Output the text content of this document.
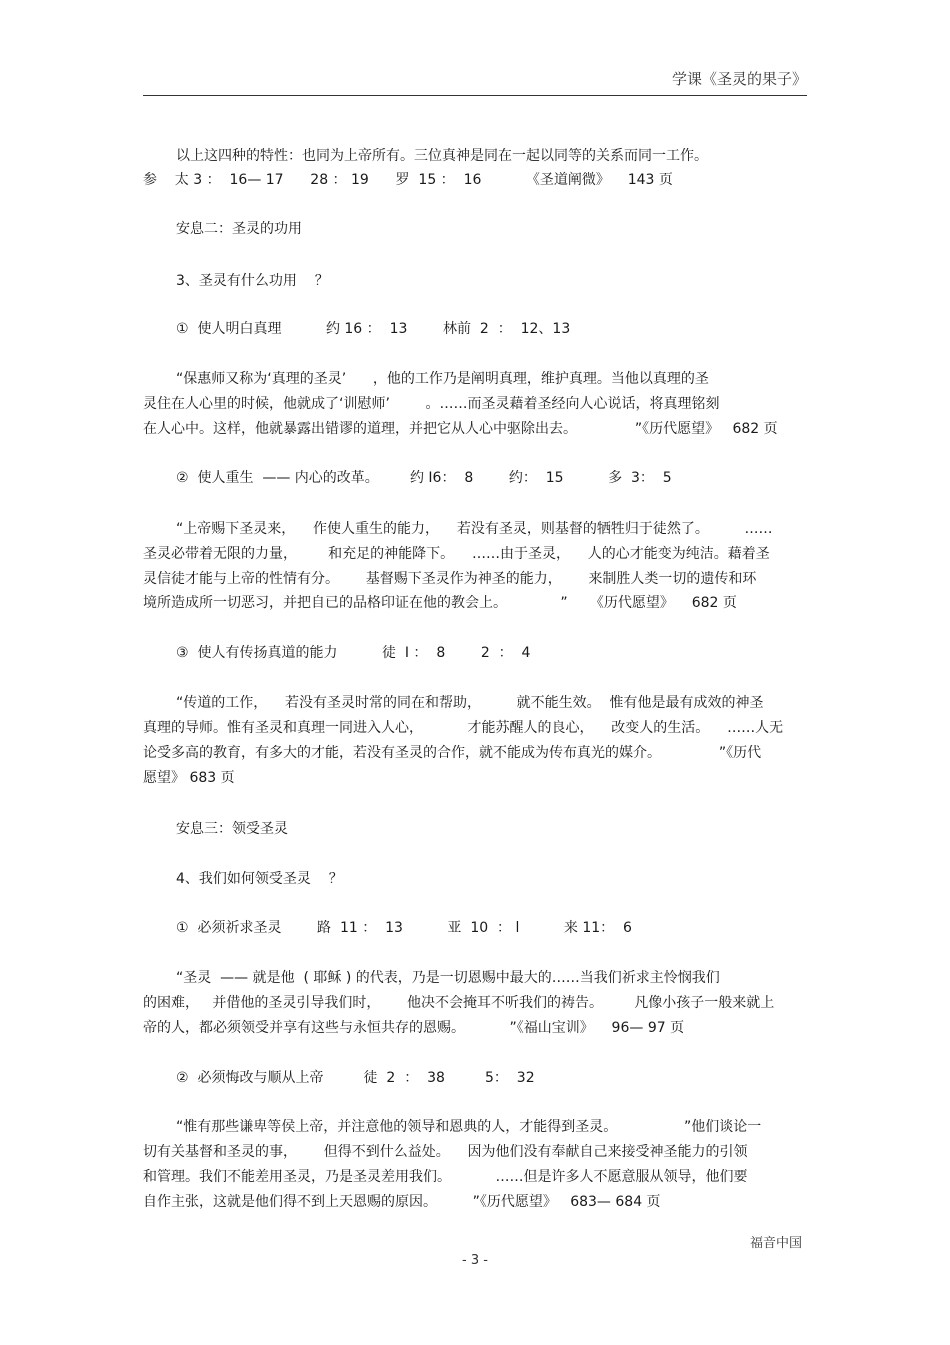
学课《圣灵的果子》
以上这四种的特性：也同为上帝所有。三位真神是同在一起以同等的关系而同一工作。
参    太 3 ：  16— 17      28 ： 19      罗  15 ：  16          《圣道阐微》    143 页
安息二：圣灵的功用
3、圣灵有什么功用    ？
①  使人明白真理          约 16 ：  13        林前  2  ：  12、13
“保惠师又称为‘真理的圣灵’      ，他的工作乃是阐明真理，维护真理。当他以真理的圣
灵住在人心里的时候，他就成了‘训慰师’        。……而圣灵藉着圣经向人心说话，将真理铭刻
在人心中。这样，他就暴露出错谬的道理，并把它从人心中驱除出去。             ”《历代愿望》   682 页
②  使人重生  —— 内心的改革。       约 I6：  8        约：  15          多  3：  5
“上帝赐下圣灵来，    作使人重生的能力，    若没有圣灵，则基督的牺牲归于徒然了。        ……
圣灵必带着无限的力量，       和充足的神能降下。    ……由于圣灵，    人的心才能变为纯洁。藉着圣
灵信徒才能与上帝的性情有分。      基督赐下圣灵作为神圣的能力，      来制胜人类一切的遗传和环
境所造成所一切恶习，并把自已的品格印证在他的教会上。            ”     《历代愿望》    682 页
③  使人有传扬真道的能力          徒  I ：  8        2  ：  4
“传道的工作，    若没有圣灵时常的同在和帮助，        就不能生效。  惟有他是最有成效的神圣
真理的导师。惟有圣灵和真理一同进入人心，          才能苏醒人的良心，    改变人的生活。    ……人无
论受多高的教育，有多大的才能，若没有圣灵的合作，就不能成为传布真光的媒介。             ”《历代
愿望》 683 页
安息三：领受圣灵
4、我们如何领受圣灵    ？
①  必须祈求圣灵        路  11 ：  13          亚  10  ： l          来 11：  6
“圣灵  —— 就是他  ( 耶稣 ) 的代表，乃是一切恩赐中最大的……当我们祈求主怜悯我们
的困难，   并借他的圣灵引导我们时，      他决不会掩耳不听我们的祷告。       凡像小孩子一般来就上
帝的人，都必须领受并享有这些与永恒共存的恩赐。          ”《福山宝训》    96— 97 页
②  必须悔改与顺从上帝         徒  2  ：  38         5：  32
“惟有那些谦卑等侯上帝，并注意他的领导和恩典的人，才能得到圣灵。               ”他们谈论一
切有关基督和圣灵的事，      但得不到什么益处。    因为他们没有奉献自己来接受神圣能力的引领
和管理。我们不能差用圣灵，乃是圣灵差用我们。          ……但是许多人不愿意服从领导，他们要
自作主张，这就是他们得不到上天恩赐的原因。        ”《历代愿望》   683— 684 页
福音中国
- 3 -
